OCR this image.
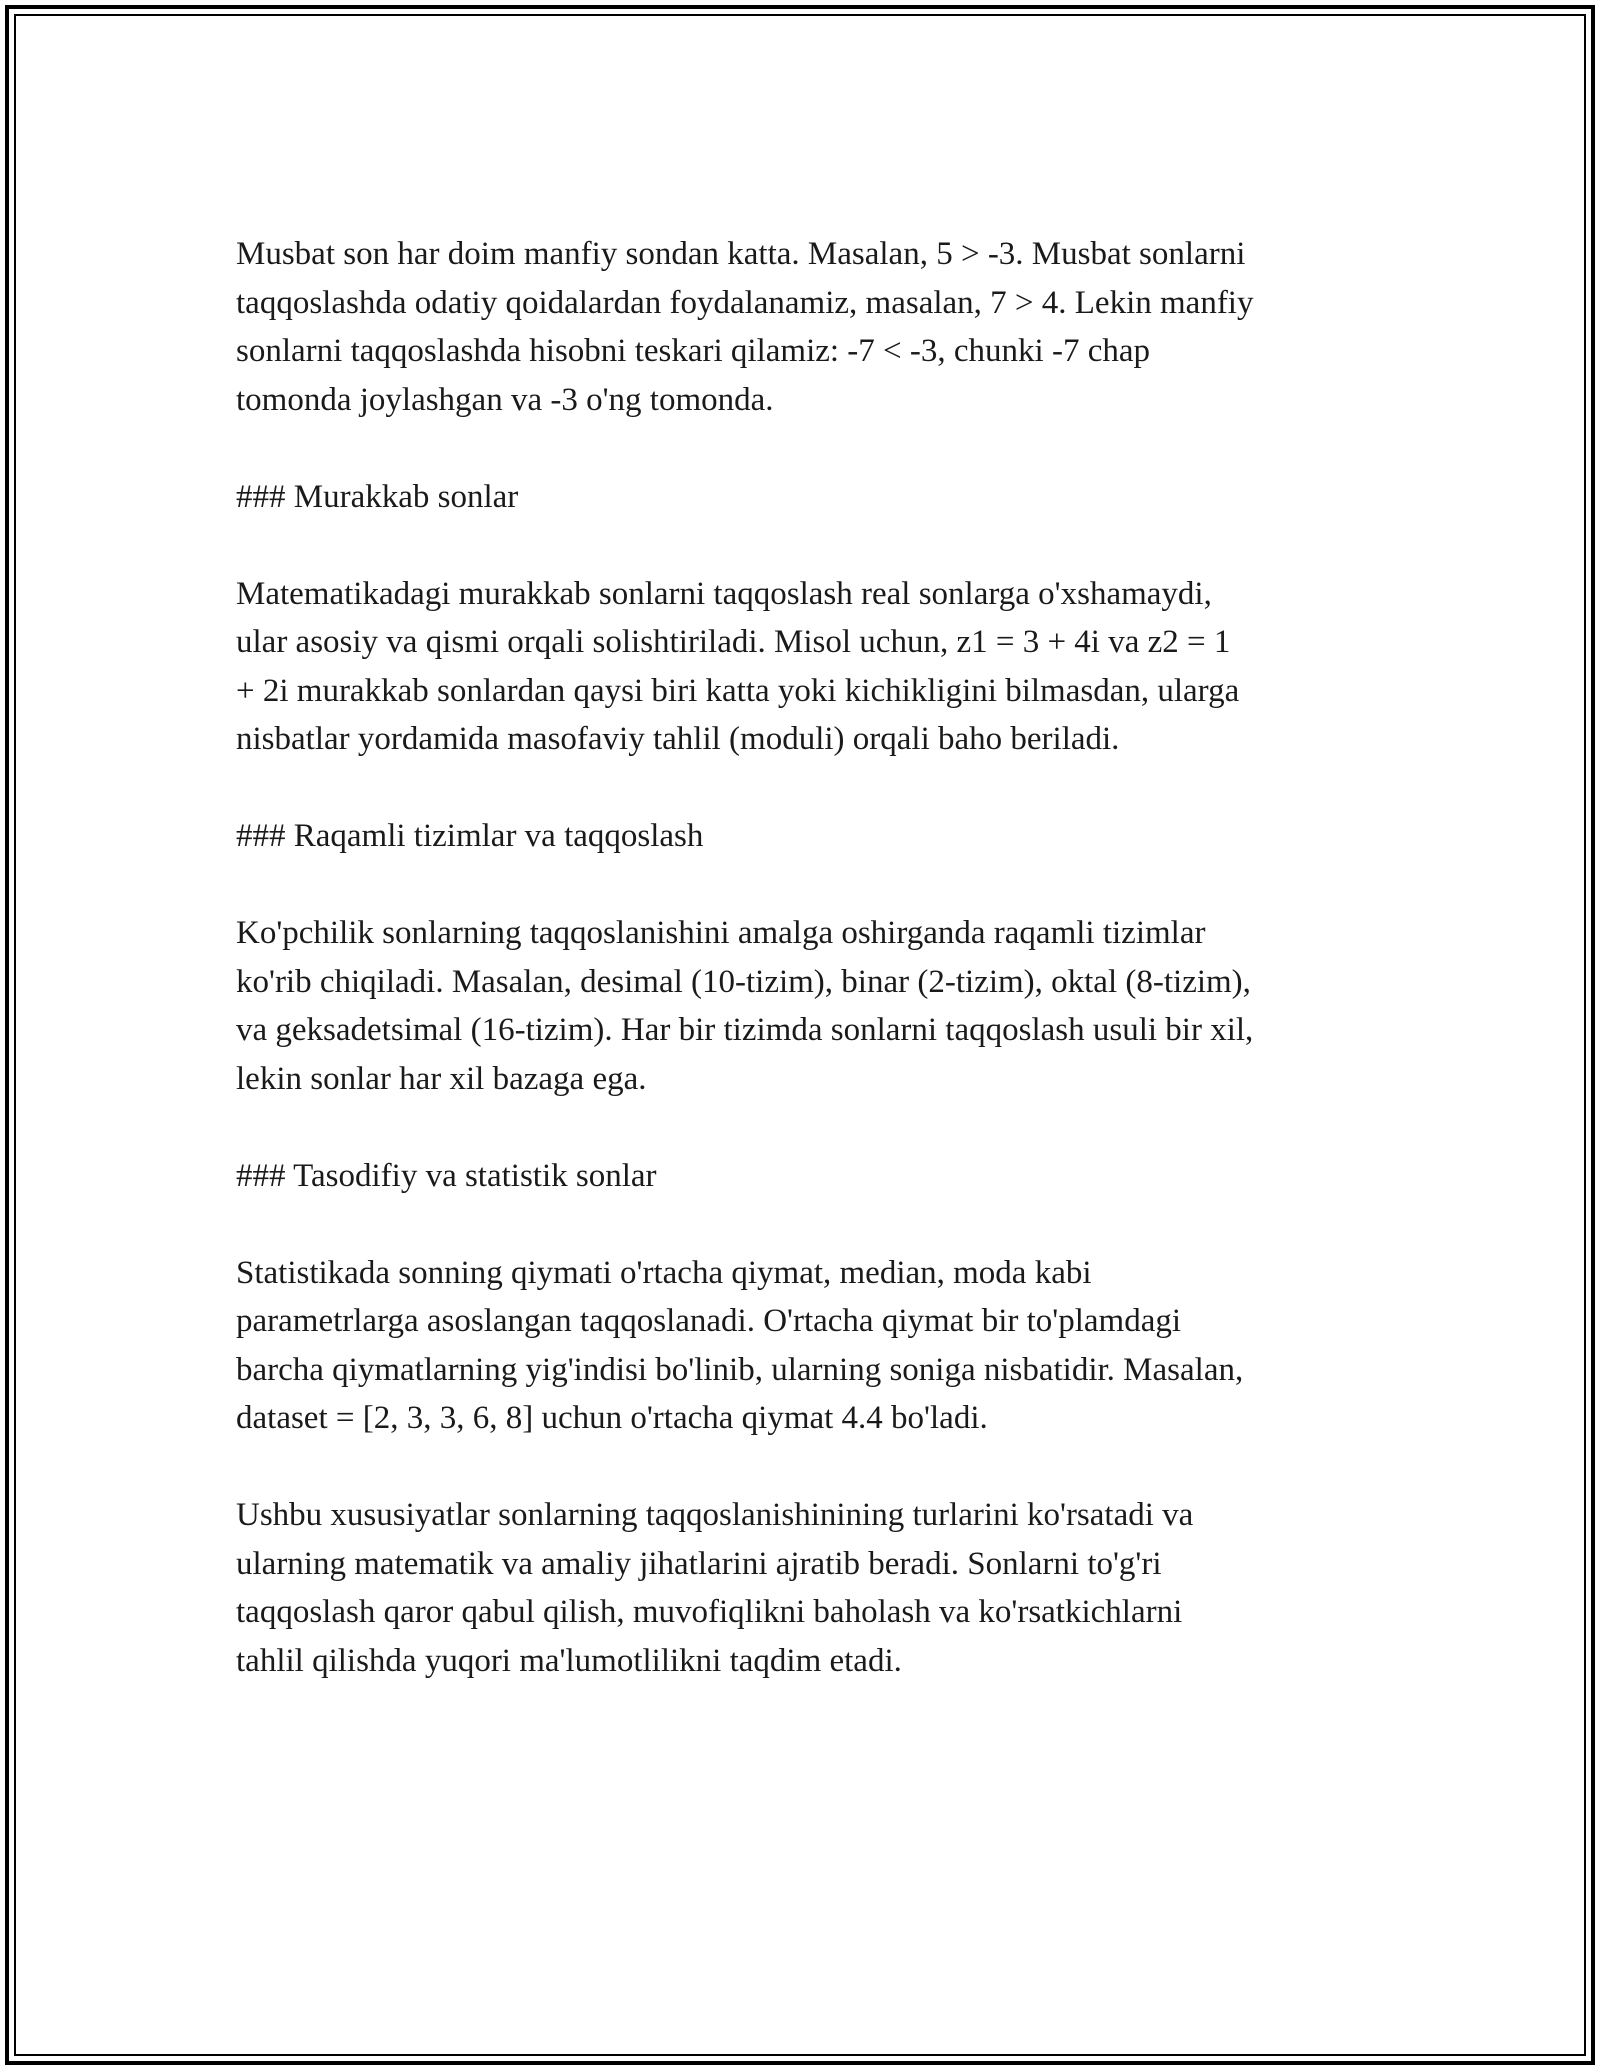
Musbat son har doim manfiy sondan katta. Masalan, 5 > -3. Musbat sonlarni

taqqoslashda odatiy qoidalardan foydalanamiz, masalan, 7 > 4. Lekin manfiy

sonlarni taqqoslashda hisobni teskari qilamiz: -7 < -3, chunki -7 chap

tomonda joylashgan va -3 o'ng tomonda.

### Murakkab sonlar

Matematikadagi murakkab sonlarni taqqoslash real sonlarga o'xshamaydi,

ular asosiy va qismi orqali solishtiriladi. Misol uchun, z1 = 3 + 4i va z2 = 1

+ 2i murakkab sonlardan qaysi biri katta yoki kichikligini bilmasdan, ularga

nisbatlar yordamida masofaviy tahlil (moduli) orqali baho beriladi.

### Raqamli tizimlar va taqqoslash

Ko'pchilik sonlarning taqqoslanishini amalga oshirganda raqamli tizimlar

ko'rib chiqiladi. Masalan, desimal (10-tizim), binar (2-tizim), oktal (8-tizim),

va geksadetsimal (16-tizim). Har bir tizimda sonlarni taqqoslash usuli bir xil,

lekin sonlar har xil bazaga ega.

### Tasodifiy va statistik sonlar

Statistikada sonning qiymati o'rtacha qiymat, median, moda kabi

parametrlarga asoslangan taqqoslanadi. O'rtacha qiymat bir to'plamdagi

barcha qiymatlarning yig'indisi bo'linib, ularning soniga nisbatidir. Masalan,

dataset = [2, 3, 3, 6, 8] uchun o'rtacha qiymat 4.4 bo'ladi.

Ushbu xususiyatlar sonlarning taqqoslanishinining turlarini ko'rsatadi va

ularning matematik va amaliy jihatlarini ajratib beradi. Sonlarni to'g'ri

taqqoslash qaror qabul qilish, muvofiqlikni baholash va ko'rsatkichlarni

tahlil qilishda yuqori ma'lumotlilikni taqdim etadi.
